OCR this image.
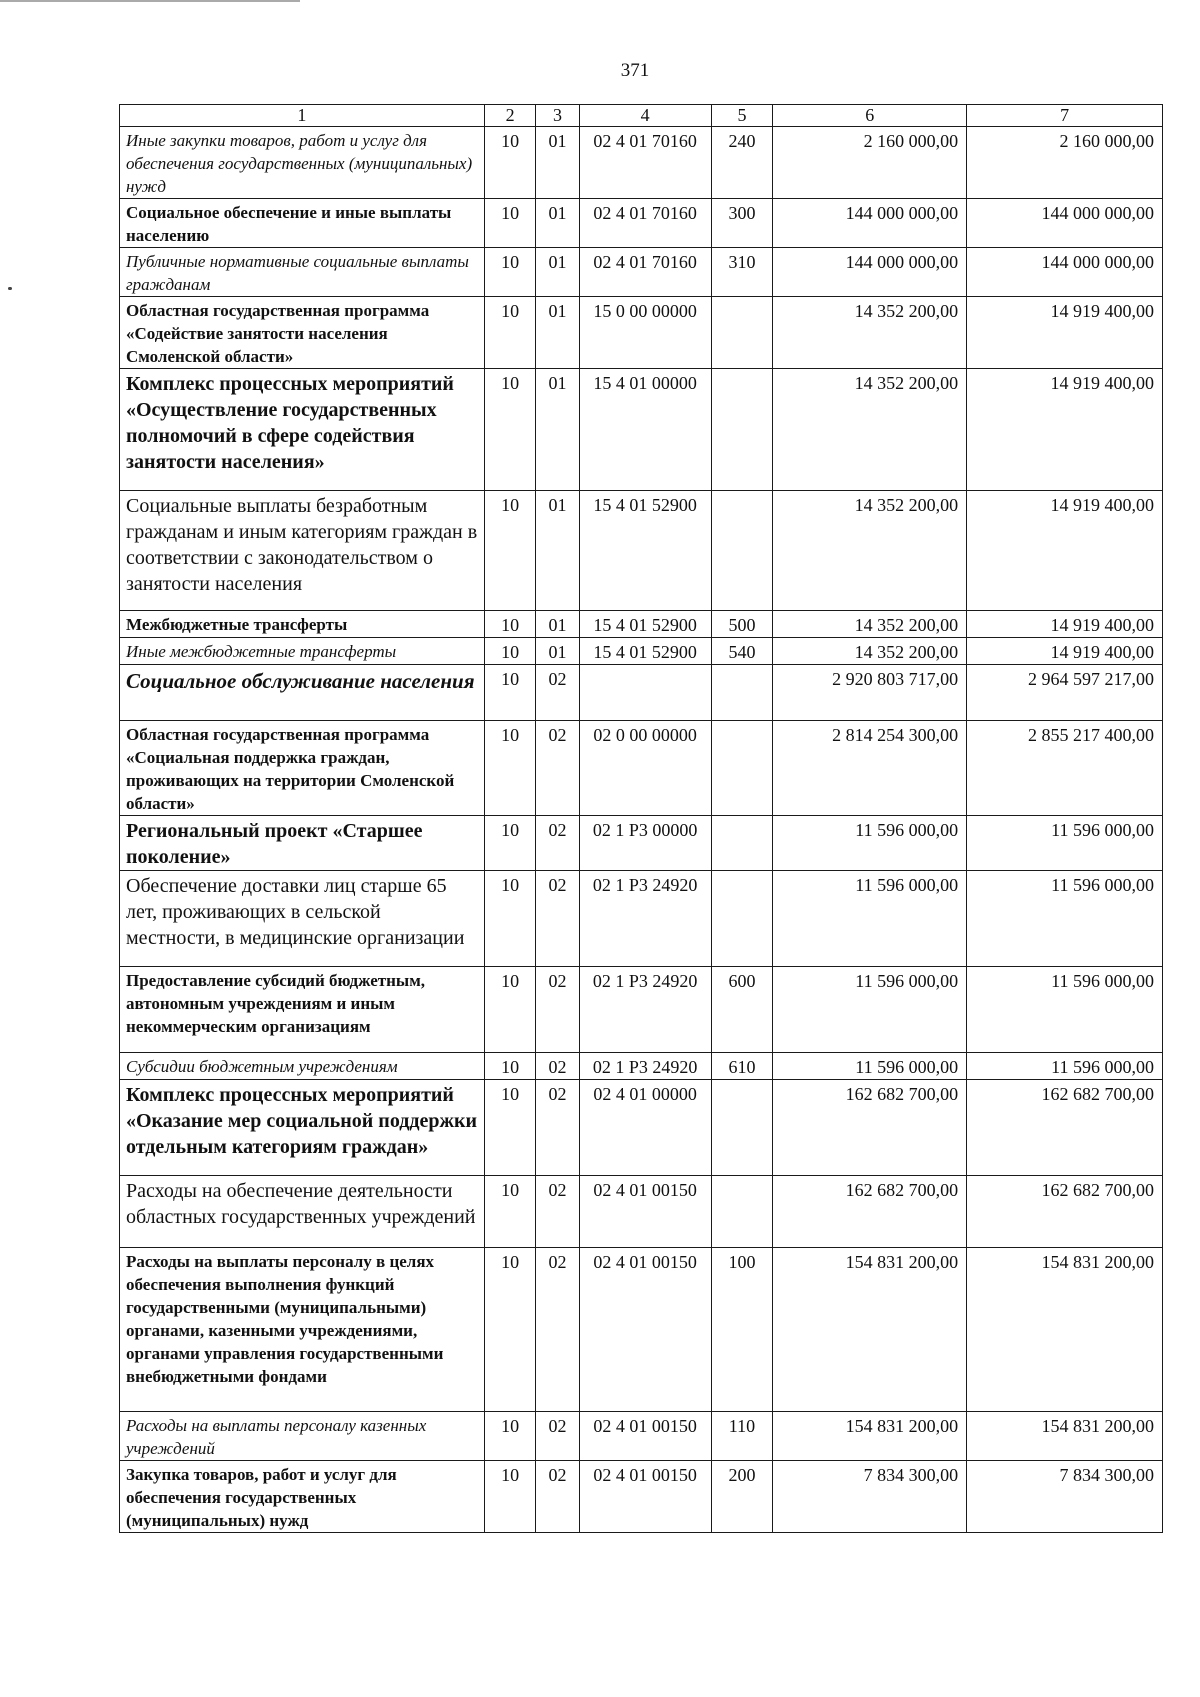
371
1	2	3	4	5	6	7
Иные закупки товаров, работ и услуг для обеспечения государственных (муниципальных) нужд	10	01	02 4 01 70160	240	2 160 000,00	2 160 000,00
Социальное обеспечение и иные выплаты населению	10	01	02 4 01 70160	300	144 000 000,00	144 000 000,00
Публичные нормативные социальные выплаты гражданам	10	01	02 4 01 70160	310	144 000 000,00	144 000 000,00
Областная государственная программа «Содействие занятости населения Смоленской области»	10	01	15 0 00 00000		14 352 200,00	14 919 400,00
Комплекс процессных мероприятий «Осуществление государственных полномочий в сфере содействия занятости населения»	10	01	15 4 01 00000		14 352 200,00	14 919 400,00
Социальные выплаты безработным гражданам и иным категориям граждан в соответствии с законодательством о занятости населения	10	01	15 4 01 52900		14 352 200,00	14 919 400,00
Межбюджетные трансферты	10	01	15 4 01 52900	500	14 352 200,00	14 919 400,00
Иные межбюджетные трансферты	10	01	15 4 01 52900	540	14 352 200,00	14 919 400,00
Социальное обслуживание населения	10	02			2 920 803 717,00	2 964 597 217,00
Областная государственная программа «Социальная поддержка граждан, проживающих на территории Смоленской области»	10	02	02 0 00 00000		2 814 254 300,00	2 855 217 400,00
Региональный проект «Старшее поколение»	10	02	02 1 P3 00000		11 596 000,00	11 596 000,00
Обеспечение доставки лиц старше 65 лет, проживающих в сельской местности, в медицинские организации	10	02	02 1 P3 24920		11 596 000,00	11 596 000,00
Предоставление субсидий бюджетным, автономным учреждениям и иным некоммерческим организациям	10	02	02 1 P3 24920	600	11 596 000,00	11 596 000,00
Субсидии бюджетным учреждениям	10	02	02 1 P3 24920	610	11 596 000,00	11 596 000,00
Комплекс процессных мероприятий «Оказание мер социальной поддержки отдельным категориям граждан»	10	02	02 4 01 00000		162 682 700,00	162 682 700,00
Расходы на обеспечение деятельности областных государственных учреждений	10	02	02 4 01 00150		162 682 700,00	162 682 700,00
Расходы на выплаты персоналу в целях обеспечения выполнения функций государственными (муниципальными) органами, казенными учреждениями, органами управления государственными внебюджетными фондами	10	02	02 4 01 00150	100	154 831 200,00	154 831 200,00
Расходы на выплаты персоналу казенных учреждений	10	02	02 4 01 00150	110	154 831 200,00	154 831 200,00
Закупка товаров, работ и услуг для обеспечения государственных (муниципальных) нужд	10	02	02 4 01 00150	200	7 834 300,00	7 834 300,00
